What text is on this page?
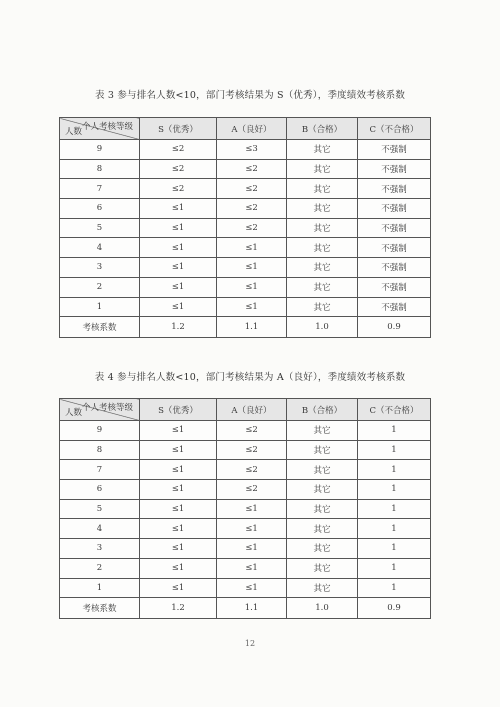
表 3 参与排名人数<10，部门考核结果为 S（优秀），季度绩效考核系数
个人考核等级
人数	S（优秀）	A（良好）	B（合格）	C（不合格）
9	≤2	≤3	其它	不强制
8	≤2	≤2	其它	不强制
7	≤2	≤2	其它	不强制
6	≤1	≤2	其它	不强制
5	≤1	≤2	其它	不强制
4	≤1	≤1	其它	不强制
3	≤1	≤1	其它	不强制
2	≤1	≤1	其它	不强制
1	≤1	≤1	其它	不强制
考核系数	1.2	1.1	1.0	0.9
表 4 参与排名人数<10，部门考核结果为 A（良好），季度绩效考核系数
个人考核等级
人数	S（优秀）	A（良好）	B（合格）	C（不合格）
9	≤1	≤2	其它	1
8	≤1	≤2	其它	1
7	≤1	≤2	其它	1
6	≤1	≤2	其它	1
5	≤1	≤1	其它	1
4	≤1	≤1	其它	1
3	≤1	≤1	其它	1
2	≤1	≤1	其它	1
1	≤1	≤1	其它	1
考核系数	1.2	1.1	1.0	0.9
12
